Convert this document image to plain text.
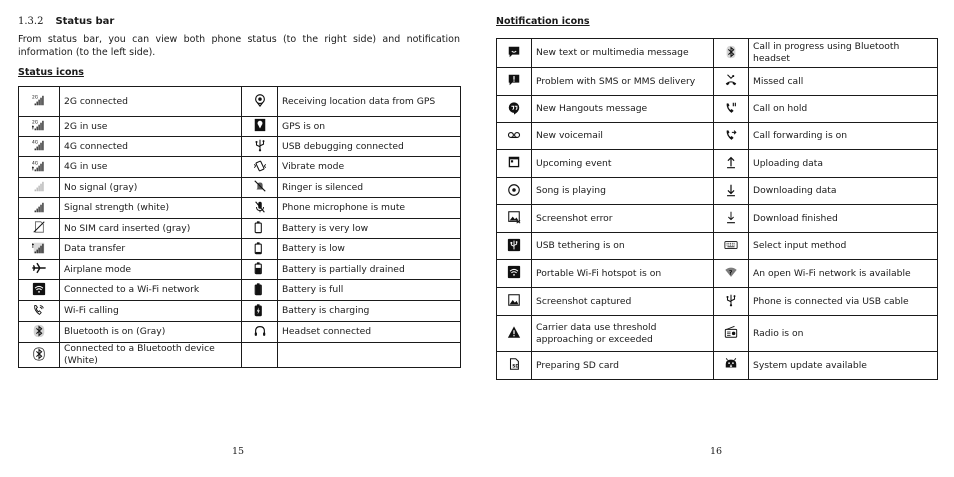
1.3.2 Status bar
From status bar, you can view both phone status (to the right side) and notification information (to the left side).
Status icons
2G	2G connected		Receiving location data from GPS

2G	2G in use		GPS is on

4G	4G connected		USB debugging connected

4G	4G in use		Vibrate mode

	No signal (gray)		Ringer is silenced

	Signal strength (white)		Phone microphone is mute

	No SIM card inserted (gray)		Battery is very low

	Data transfer		Battery is low

	Airplane mode		Battery is partially drained

	Connected to a Wi-Fi network		Battery is full

	Wi-Fi calling		Battery is charging

	Bluetooth is on (Gray)		Headset connected

	Connected to a Bluetooth device (White)		
15
Notification icons
	New text or multimedia message		Call in progress using Bluetooth headset

	Problem with SMS or MMS delivery		Missed call

	New Hangouts message		Call on hold

	New voicemail		Call forwarding is on

	Upcoming event		Uploading data

	Song is playing		Downloading data

	Screenshot error		Download finished

	USB tethering is on		Select input method

	Portable Wi-Fi hotspot is on	?	An open Wi-Fi network is available

	Screenshot captured		Phone is connected via USB cable

	Carrier data use threshold approaching or exceeded		Radio is on

SD	Preparing SD card		System update available
16
